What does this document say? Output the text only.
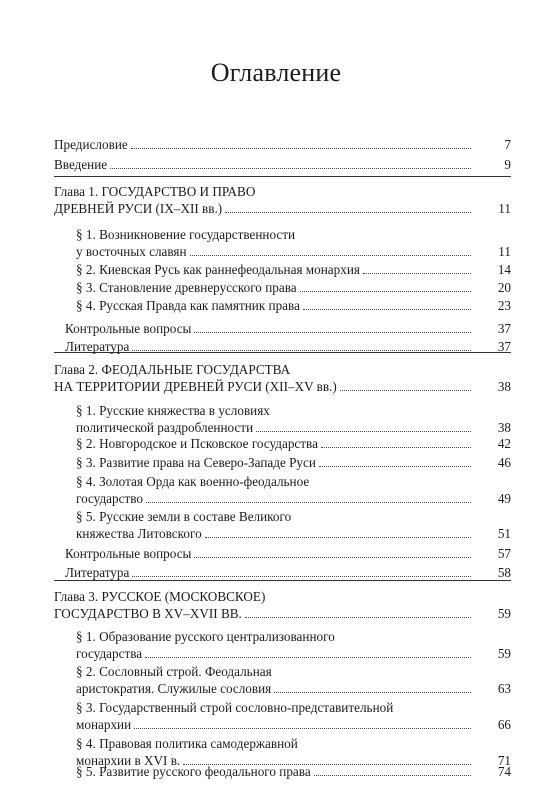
Оглавление
Предисловие	7
Введение	9
Глава 1. ГОСУДАРСТВО И ПРАВО
ДРЕВНЕЙ РУСИ (IX–XII вв.)	11
§ 1. Возникновение государственности
у восточных славян	11
§ 2. Киевская Русь как раннефеодальная монархия	14
§ 3. Становление древнерусского права	20
§ 4. Русская Правда как памятник права	23
Контрольные вопросы	37
Литература	37
Глава 2. ФЕОДАЛЬНЫЕ ГОСУДАРСТВА
НА ТЕРРИТОРИИ ДРЕВНЕЙ РУСИ (XII–XV вв.)	38
§ 1. Русские княжества в условиях
политической раздробленности	38
§ 2. Новгородское и Псковское государства	42
§ 3. Развитие права на Северо-Западе Руси	46
§ 4. Золотая Орда как военно-феодальное
государство	49
§ 5. Русские земли в составе Великого
княжества Литовского	51
Контрольные вопросы	57
Литература	58
Глава 3. РУССКОЕ (МОСКОВСКОЕ)
ГОСУДАРСТВО В XV–XVII ВВ.	59
§ 1. Образование русского централизованного
государства	59
§ 2. Сословный строй. Феодальная
аристократия. Служилые сословия	63
§ 3. Государственный строй сословно-представительной
монархии	66
§ 4. Правовая политика самодержавной
монархии в XVI в.	71
§ 5. Развитие русского феодального права	74
